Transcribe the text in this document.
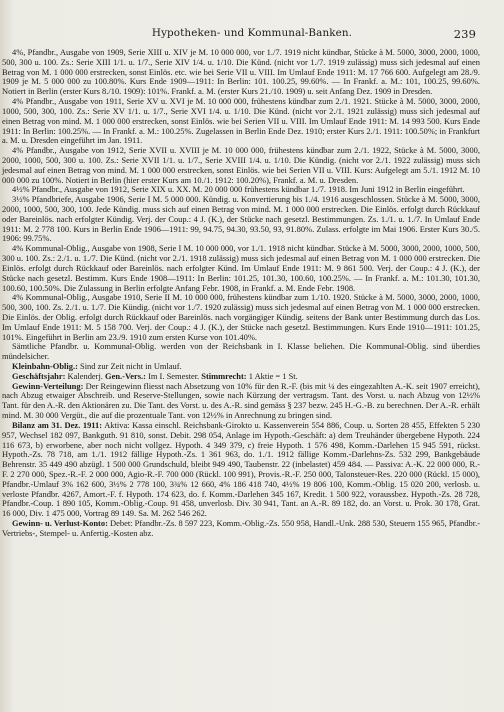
Hypotheken- und Kommunal-Banken.	239

4%, Pfandbr., Ausgabe von 1909, Serie XIII u. XIV je M. 10 000 000, vor 1./7. 1919 nicht kündbar, Stücke à M. 5000, 3000, 2000, 1000, 500, 300 u. 100. Zs.: Serie XIII 1/1. u. 1/7., Serie XIV 1/4. u. 1/10. Die Künd. (nicht vor 1./7. 1919 zulässig) muss sich jedesmal auf einen Betrag von M. 1 000 000 erstrecken, sonst Einlös. etc. wie bei Serie VII u. VIII. Im Umlauf Ende 1911: M. 17 766 600. Aufgelegt am 28./9. 1909 je M. 5 000 000 zu 100.80%. Kurs Ende 1909—1911: In Berlin: 101. 100.25, 99.60%. — In Frankf. a. M.: 101, 100.25, 99.60%. Notiert in Berlin (erster Kurs 8./10. 1909): 101%. Frankf. a. M. (erster Kurs 21./10. 1909) u. seit Anfang Dez. 1909 in Dresden.

4% Pfandbr., Ausgabe von 1911, Serie XV u. XVI je M. 10 000 000, frühestens kündbar zum 2./1. 1921. Stücke à M. 5000, 3000, 2000, 1000, 500, 300, 100. Zs.: Serie XV 1/1. u. 1/7., Serie XVI 1/4. u. 1/10. Die Künd. (nicht vor 2./1. 1921 zulässig) muss sich jedesmal auf einen Betrag von mind. M. 1 000 000 erstrecken, sonst Einlös. wie bei Serien VII u. VIII. Im Umlauf Ende 1911: M. 14 993 500. Kurs Ende 1911: In Berlin: 100.25%. — In Frankf. a. M.: 100.25%. Zugelassen in Berlin Ende Dez. 1910; erster Kurs 2./1. 1911: 100.50%; in Frankfurt a. M. u. Dresden eingeführt im Jan. 1911.

4% Pfandbr., Ausgabe von 1912, Serie XVII u. XVIII je M. 10 000 000, frühestens kündbar zum 2./1. 1922, Stücke à M. 5000, 3000, 2000, 1000, 500, 300 u. 100. Zs.: Serie XVII 1/1. u. 1/7., Serie XVIII 1/4. u. 1/10. Die Kündig. (nicht vor 2./1. 1922 zulässig) muss sich jedesmal auf einen Betrag von mind. M. 1 000 000 erstrecken, sonst Einlös. wie bei Serien VII u. VIII. Kurs: Aufgelegt am 5./1. 1912 M. 10 000 000 zu 100%. Notiert in Berlin (hier erster Kurs am 10./1. 1912: 100.20%), Frankf. a. M. u. Dresden.

4½% Pfandbr., Ausgabe von 1912, Serie XIX u. XX. M. 20 000 000 frühestens kündbar 1./7. 1918. Im Juni 1912 in Berlin eingeführt.

3½% Pfandbriefe, Ausgabe 1906, Serie I M. 5 000 000. Kündig. u. Konvertierung bis 1./4. 1916 ausgeschlossen. Stücke à M. 5000, 3000, 2000, 1000, 500, 300, 100. Jede Kündig. muss sich auf einen Betrag von mind. M. 1 000 000 erstrecken. Die Einlös. erfolgt durch Rückkauf oder Bareinlös. nach erfolgter Kündig. Verj. der Coup.: 4 J. (K.), der Stücke nach gesetzl. Bestimmungen. Zs. 1./1. u. 1./7. In Umlauf Ende 1911: M. 2 778 100. Kurs in Berlin Ende 1906—1911: 99, 94.75, 94.30, 93.50, 93, 91.80%. Zulass. erfolgte im Mai 1906. Erster Kurs 30./5. 1906: 99.75%.

4% Kommunal-Oblig., Ausgabe von 1908, Serie I M. 10 000 000, vor 1./1. 1918 nicht kündbar. Stücke à M. 5000, 3000, 2000, 1000, 500, 300 u. 100. Zs.: 2./1. u. 1./7. Die Künd. (nicht vor 2./1. 1918 zulässig) muss sich jedesmal auf einen Betrag von M. 1 000 000 erstrecken. Die Einlös. erfolgt durch Rückkauf oder Bareinlös. nach erfolgter Künd. Im Umlauf Ende 1911: M. 9 861 500. Verj. der Coup.: 4 J. (K.), der Stücke nach gesetzl. Bestimm. Kurs Ende 1908—1911: In Berlin: 101.25, 101.30, 100.60, 100.25%. — In Frankf. a. M.: 101.30, 101.30, 100.60, 100.50%. Die Zulassung in Berlin erfolgte Anfang Febr. 1908, in Frankf. a. M. Ende Febr. 1908.

4% Kommunal-Oblig., Ausgabe 1910, Serie II M. 10 000 000, frühestens kündbar zum 1./10. 1920. Stücke à M. 5000, 3000, 2000, 1000, 500, 300, 100. Zs. 2./1. u. 1./7. Die Kündig. (nicht vor 1./7. 1920 zulässig) muss sich jedesmal auf einen Betrag von M. 1 000 000 erstrecken. Die Einlös. der Oblig. erfolgt durch Rückkauf oder Bareinlös. nach vorgängiger Kündig. seitens der Bank unter Bestimmung durch das Los. Im Umlauf Ende 1911: M. 5 158 700. Verj. der Coup.: 4 J. (K.), der Stücke nach gesetzl. Bestimmungen. Kurs Ende 1910—1911: 101.25, 101%. Eingeführt in Berlin am 23./9. 1910 zum ersten Kurse von 101.40%.

Sämtliche Pfandbr. u. Kommunal-Oblig. werden von der Reichsbank in I. Klasse beliehen. Die Kommunal-Oblig. sind überdies mündelsicher.

Kleinbahn-Oblig.: Sind zur Zeit nicht in Umlauf.

Geschäftsjahr: Kalenderj. Gen.-Vers.: Im I. Semester. Stimmrecht: 1 Aktie = 1 St.

Gewinn-Verteilung: Der Reingewinn fliesst nach Absetzung von 10% für den R.-F. (bis mit ¼ des eingezahlten A.-K. seit 1907 erreicht), nach Abzug etwaiger Abschreib. und Reserve-Stellungen, sowie nach Kürzung der vertragsm. Tant. des Vorst. u. nach Abzug von 12½% Tant. für den A.-R. den Aktionären zu. Die Tant. des Vorst. u. des A.-R. sind gemäss § 237 bezw. 245 H.-G.-B. zu berechnen. Der A.-R. erhält mind. M. 30 000 Vergüt., die auf die prozentuale Tant. von 12½% in Anrechnung zu bringen sind.

Bilanz am 31. Dez. 1911: Aktiva: Kassa einschl. Reichsbank-Girokto u. Kassenverein 554 886, Coup. u. Sorten 28 455, Effekten 5 230 957, Wechsel 182 097, Bankguth. 91 810, sonst. Debit. 298 054, Anlage im Hypoth.-Geschäft: a) dem Treuhänder übergebene Hypoth. 224 116 673, b) erworbene, aber noch nicht vollgez. Hypoth. 4 349 379, c) freie Hypoth. 1 576 498, Komm.-Darlehen 15 945 591, rückst. Hypoth.-Zs. 78 718, am 1./1. 1912 fällige Hypoth.-Zs. 1 361 963, do. 1./1. 1912 fällige Komm.-Darlehns-Zs. 532 299, Bankgebäude Behrenstr. 35 449 490 abzügl. 1 500 000 Grundschuld, bleibt 949 490, Taubenstr. 22 (inbelastet) 459 484. — Passiva: A.-K. 22 000 000, R.-F. 2 270 000, Spez.-R.-F. 2 000 000, Agio-R.-F. 700 000 (Rückl. 100 991), Provis.-R.-F. 250 000, Talonsteuer-Res. 220 000 (Rückl. 15 000), Pfandbr.-Umlauf 3% 162 600, 3½% 2 778 100, 3¾% 12 660, 4% 186 418 740, 4½% 19 806 100, Komm.-Oblig. 15 020 200, verlosb. u. verloste Pfandbr. 4267, Amort.-F. f. Hypoth. 174 623, do. f. Komm.-Darlehen 345 167, Kredit. 1 500 922, voraussbez. Hypoth.-Zs. 28 728, Pfandbr.-Coup. 1 890 105, Komm.-Oblig.-Coup. 91 458, unverlosb. Div. 30 941, Tant. an A.-R. 89 182, do. an Vorst. u. Prok. 30 178, Grat. 16 000, Div. 1 475 000, Vortrag 89 149. Sa. M. 262 546 262.

Gewinn- u. Verlust-Konto: Debet: Pfandbr.-Zs. 8 597 223, Komm.-Oblig.-Zs. 550 958, Handl.-Unk. 288 530, Steuern 155 965, Pfandbr.-Vertriebs-, Stempel- u. Anfertig.-Kosten abz.
